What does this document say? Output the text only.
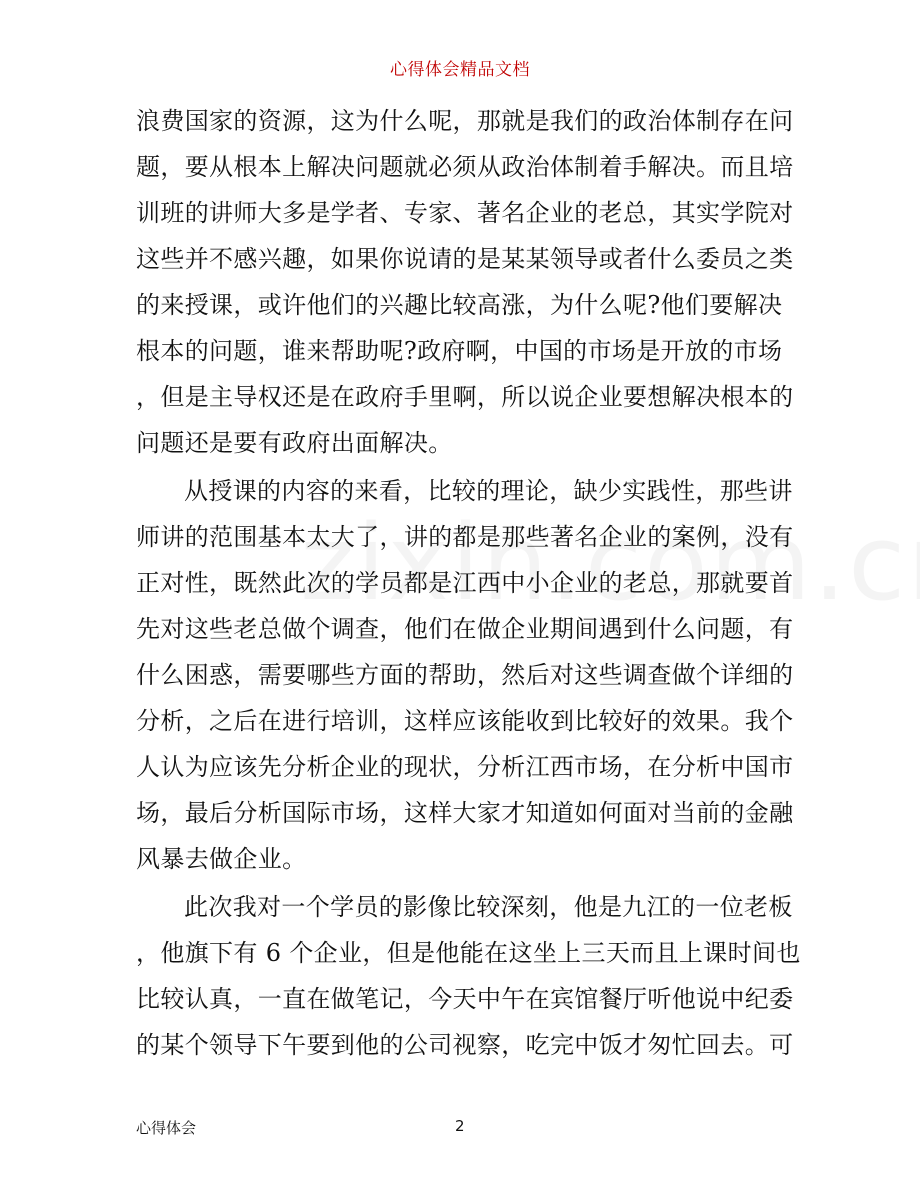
心得体会精品文档
浪费国家的资源，这为什么呢，那就是我们的政治体制存在问
题，要从根本上解决问题就必须从政治体制着手解决。而且培
训班的讲师大多是学者、专家、著名企业的老总，其实学院对
这些并不感兴趣，如果你说请的是某某领导或者什么委员之类
的来授课，或许他们的兴趣比较高涨，为什么呢?他们要解决
根本的问题，谁来帮助呢?政府啊，中国的市场是开放的市场
，但是主导权还是在政府手里啊，所以说企业要想解决根本的
问题还是要有政府出面解决。
从授课的内容的来看，比较的理论，缺少实践性，那些讲
师讲的范围基本太大了，讲的都是那些著名企业的案例，没有
正对性，既然此次的学员都是江西中小企业的老总，那就要首
先对这些老总做个调查，他们在做企业期间遇到什么问题，有
什么困惑，需要哪些方面的帮助，然后对这些调查做个详细的
分析，之后在进行培训，这样应该能收到比较好的效果。我个
人认为应该先分析企业的现状，分析江西市场，在分析中国市
场，最后分析国际市场，这样大家才知道如何面对当前的金融
风暴去做企业。
此次我对一个学员的影像比较深刻，他是九江的一位老板
，他旗下有 6 个企业，但是他能在这坐上三天而且上课时间也
比较认真，一直在做笔记，今天中午在宾馆餐厅听他说中纪委
的某个领导下午要到他的公司视察，吃完中饭才匆忙回去。可
心得体会	2
